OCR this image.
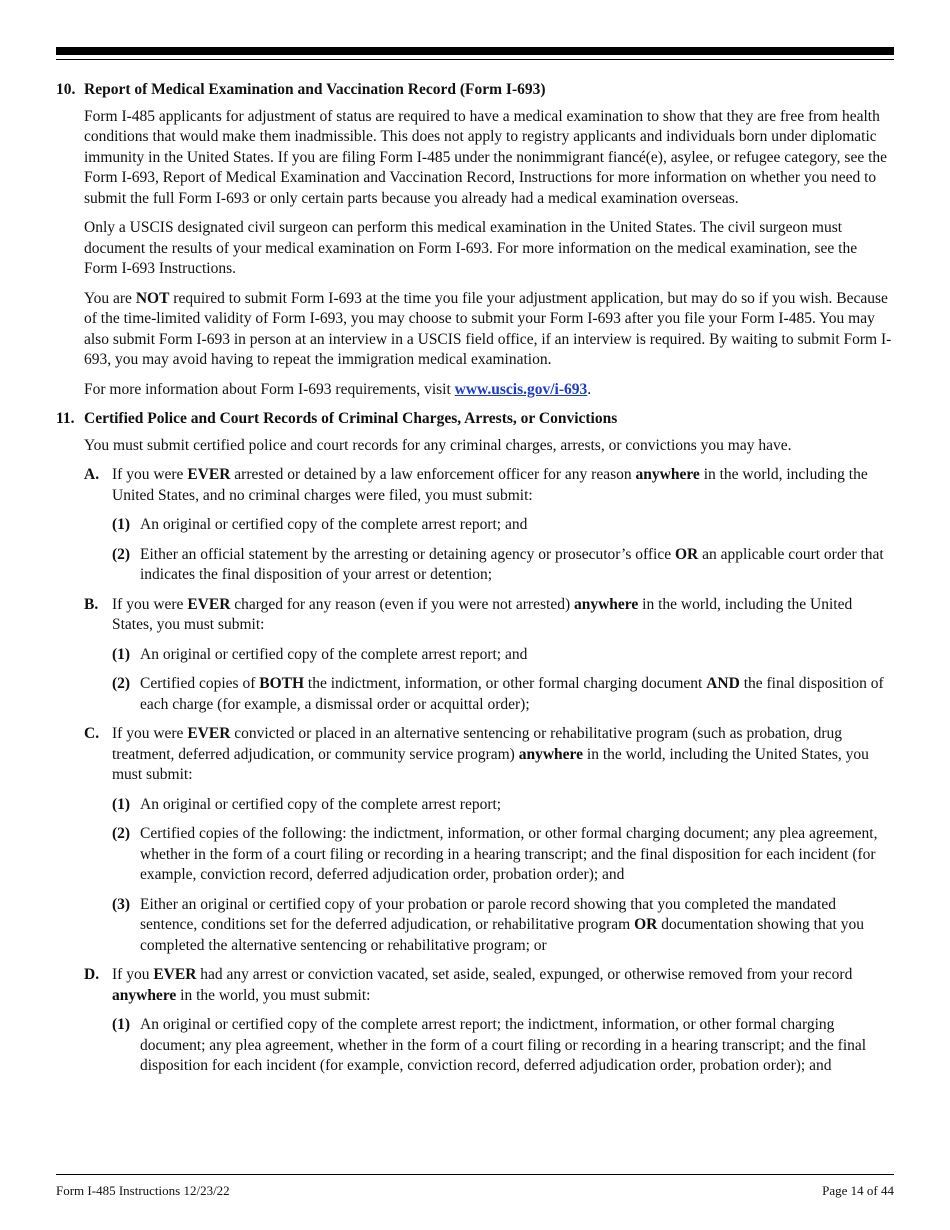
10. Report of Medical Examination and Vaccination Record (Form I-693)

Form I-485 applicants for adjustment of status are required to have a medical examination to show that they are free from health conditions that would make them inadmissible. This does not apply to registry applicants and individuals born under diplomatic immunity in the United States. If you are filing Form I-485 under the nonimmigrant fiancé(e), asylee, or refugee category, see the Form I-693, Report of Medical Examination and Vaccination Record, Instructions for more information on whether you need to submit the full Form I-693 or only certain parts because you already had a medical examination overseas.

Only a USCIS designated civil surgeon can perform this medical examination in the United States. The civil surgeon must document the results of your medical examination on Form I-693. For more information on the medical examination, see the Form I-693 Instructions.

You are NOT required to submit Form I-693 at the time you file your adjustment application, but may do so if you wish. Because of the time-limited validity of Form I-693, you may choose to submit your Form I-693 after you file your Form I-485. You may also submit Form I-693 in person at an interview in a USCIS field office, if an interview is required. By waiting to submit Form I-693, you may avoid having to repeat the immigration medical examination.

For more information about Form I-693 requirements, visit www.uscis.gov/i-693.

11. Certified Police and Court Records of Criminal Charges, Arrests, or Convictions

You must submit certified police and court records for any criminal charges, arrests, or convictions you may have.

A. If you were EVER arrested or detained by a law enforcement officer for any reason anywhere in the world, including the United States, and no criminal charges were filed, you must submit:
(1) An original or certified copy of the complete arrest report; and
(2) Either an official statement by the arresting or detaining agency or prosecutor’s office OR an applicable court order that indicates the final disposition of your arrest or detention;
B. If you were EVER charged for any reason (even if you were not arrested) anywhere in the world, including the United States, you must submit:
(1) An original or certified copy of the complete arrest report; and
(2) Certified copies of BOTH the indictment, information, or other formal charging document AND the final disposition of each charge (for example, a dismissal order or acquittal order);
C. If you were EVER convicted or placed in an alternative sentencing or rehabilitative program (such as probation, drug treatment, deferred adjudication, or community service program) anywhere in the world, including the United States, you must submit:
(1) An original or certified copy of the complete arrest report;
(2) Certified copies of the following: the indictment, information, or other formal charging document; any plea agreement, whether in the form of a court filing or recording in a hearing transcript; and the final disposition for each incident (for example, conviction record, deferred adjudication order, probation order); and
(3) Either an original or certified copy of your probation or parole record showing that you completed the mandated sentence, conditions set for the deferred adjudication, or rehabilitative program OR documentation showing that you completed the alternative sentencing or rehabilitative program; or
D. If you EVER had any arrest or conviction vacated, set aside, sealed, expunged, or otherwise removed from your record anywhere in the world, you must submit:
(1) An original or certified copy of the complete arrest report; the indictment, information, or other formal charging document; any plea agreement, whether in the form of a court filing or recording in a hearing transcript; and the final disposition for each incident (for example, conviction record, deferred adjudication order, probation order); and
Form I-485 Instructions 12/23/22	Page 14 of 44
